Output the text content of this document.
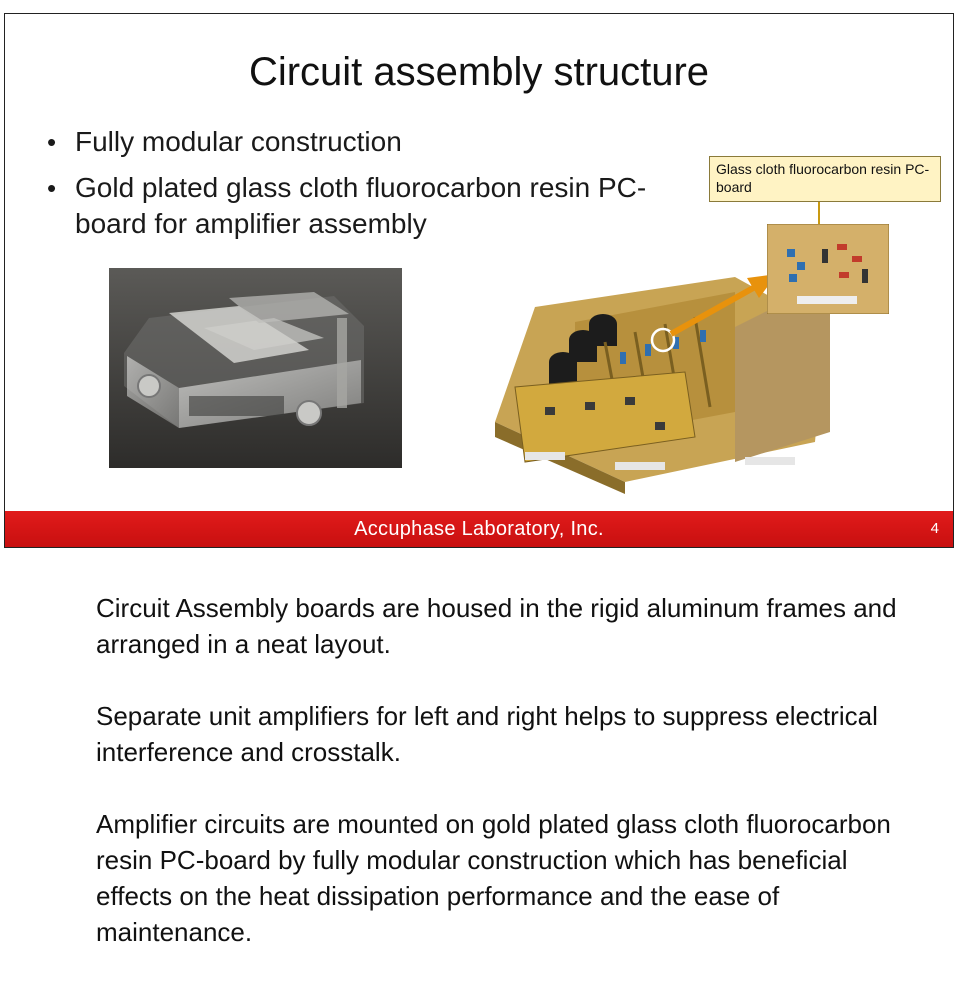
Circuit assembly structure
• Fully modular construction
• Gold plated glass cloth fluorocarbon resin PC-board for amplifier assembly
Glass cloth fluorocarbon resin PC-board
Accuphase Laboratory, Inc.	4

Circuit Assembly boards are housed in the rigid aluminum frames and arranged in a neat layout.

Separate unit amplifiers for left and right helps to suppress electrical interference and crosstalk.

Amplifier circuits are mounted on gold plated glass cloth fluorocarbon resin PC-board by fully modular construction which has beneficial effects on the heat dissipation performance and the ease of maintenance.
